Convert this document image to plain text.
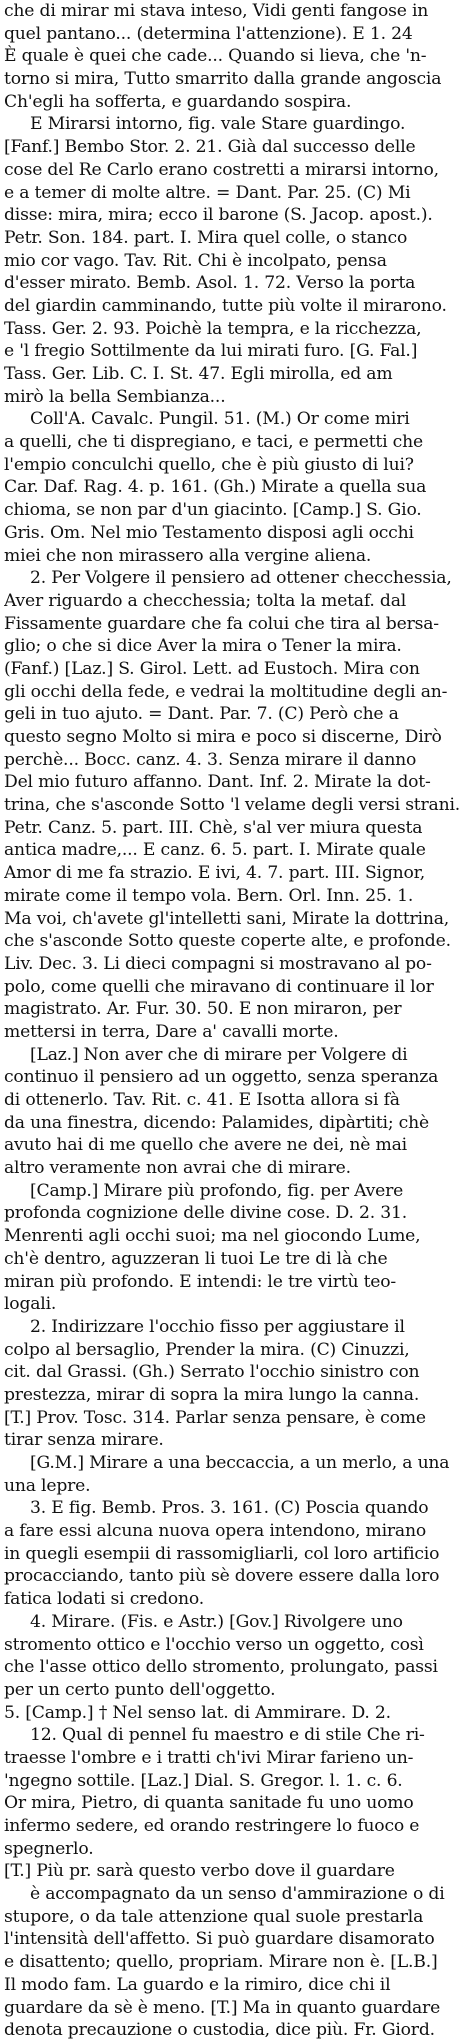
che di mirar mi stava inteso, Vidi genti fangose in
quel pantano... (determina l'attenzione). E 1. 24
È quale è quei che cade... Quando si lieva, che 'n-
torno si mira, Tutto smarrito dalla grande angoscia
Ch'egli ha sofferta, e guardando sospira.
E Mirarsi intorno, fig. vale Stare guardingo.
[Fanf.] Bembo Stor. 2. 21. Già dal successo delle
cose del Re Carlo erano costretti a mirarsi intorno,
e a temer di molte altre. = Dant. Par. 25. (C) Mi
disse: mira, mira; ecco il barone (S. Jacop. apost.).
Petr. Son. 184. part. I. Mira quel colle, o stanco
mio cor vago. Tav. Rit. Chi è incolpato, pensa
d'esser mirato. Bemb. Asol. 1. 72. Verso la porta
del giardin camminando, tutte più volte il mirarono.
Tass. Ger. 2. 93. Poichè la tempra, e la ricchezza,
e 'l fregio Sottilmente da lui mirati furo. [G. Fal.]
Tass. Ger. Lib. C. I. St. 47. Egli mirolla, ed am
mirò la bella Sembianza...
Coll'A. Cavalc. Pungil. 51. (M.) Or come miri
a quelli, che ti dispregiano, e taci, e permetti che
l'empio conculchi quello, che è più giusto di lui?
Car. Daf. Rag. 4. p. 161. (Gh.) Mirate a quella sua
chioma, se non par d'un giacinto. [Camp.] S. Gio.
Gris. Om. Nel mio Testamento disposi agli occhi
miei che non mirassero alla vergine aliena.
2. Per Volgere il pensiero ad ottener checchessia,
Aver riguardo a checchessia; tolta la metaf. dal
Fissamente guardare che fa colui che tira al bersa-
glio; o che si dice Aver la mira o Tener la mira.
(Fanf.) [Laz.] S. Girol. Lett. ad Eustoch. Mira con
gli occhi della fede, e vedrai la moltitudine degli an-
geli in tuo ajuto. = Dant. Par. 7. (C) Però che a
questo segno Molto si mira e poco si discerne, Dirò
perchè... Bocc. canz. 4. 3. Senza mirare il danno
Del mio futuro affanno. Dant. Inf. 2. Mirate la dot-
trina, che s'asconde Sotto 'l velame degli versi strani.
Petr. Canz. 5. part. III. Chè, s'al ver miura questa
antica madre,... E canz. 6. 5. part. I. Mirate quale
Amor di me fa strazio. E ivi, 4. 7. part. III. Signor,
mirate come il tempo vola. Bern. Orl. Inn. 25. 1.
Ma voi, ch'avete gl'intelletti sani, Mirate la dottrina,
che s'asconde Sotto queste coperte alte, e profonde.
Liv. Dec. 3. Li dieci compagni si mostravano al po-
polo, come quelli che miravano di continuare il lor
magistrato. Ar. Fur. 30. 50. E non miraron, per
mettersi in terra, Dare a' cavalli morte.
[Laz.] Non aver che di mirare per Volgere di
continuo il pensiero ad un oggetto, senza speranza
di ottenerlo. Tav. Rit. c. 41. E Isotta allora si fà
da una finestra, dicendo: Palamides, dipàrtiti; chè
avuto hai di me quello che avere ne dei, nè mai
altro veramente non avrai che di mirare.
[Camp.] Mirare più profondo, fig. per Avere
profonda cognizione delle divine cose. D. 2. 31.
Menrenti agli occhi suoi; ma nel giocondo Lume,
ch'è dentro, aguzzeran li tuoi Le tre di là che
miran più profondo. E intendi: le tre virtù teo-
logali.
2. Indirizzare l'occhio fisso per aggiustare il
colpo al bersaglio, Prender la mira. (C) Cinuzzi,
cit. dal Grassi. (Gh.) Serrato l'occhio sinistro con
prestezza, mirar di sopra la mira lungo la canna.
[T.] Prov. Tosc. 314. Parlar senza pensare, è come
tirar senza mirare.
[G.M.] Mirare a una beccaccia, a un merlo, a una
una lepre.
3. E fig. Bemb. Pros. 3. 161. (C) Poscia quando
a fare essi alcuna nuova opera intendono, mirano
in quegli esempii di rassomigliarli, col loro artificio
procacciando, tanto più sè dovere essere dalla loro
fatica lodati si credono.
4. Mirare. (Fis. e Astr.) [Gov.] Rivolgere uno
stromento ottico e l'occhio verso un oggetto, così
che l'asse ottico dello stromento, prolungato, passi
per un certo punto dell'oggetto.
5. [Camp.] † Nel senso lat. di Ammirare. D. 2.
12. Qual di pennel fu maestro e di stile Che ri-
traesse l'ombre e i tratti ch'ivi Mirar farieno un-
'ngegno sottile. [Laz.] Dial. S. Gregor. l. 1. c. 6.
Or mira, Pietro, di quanta sanitade fu uno uomo
infermo sedere, ed orando restringere lo fuoco e
spegnerlo.
[T.] Più pr. sarà questo verbo dove il guardare
è accompagnato da un senso d'ammirazione o di
stupore, o da tale attenzione qual suole prestarla
l'intensità dell'affetto. Si può guardare disamorato
e disattento; quello, propriam. Mirare non è. [L.B.]
Il modo fam. La guardo e la rimiro, dice chi il
guardare da sè è meno. [T.] Ma in quanto guardare
denota precauzione o custodia, dice più. Fr. Giord.
